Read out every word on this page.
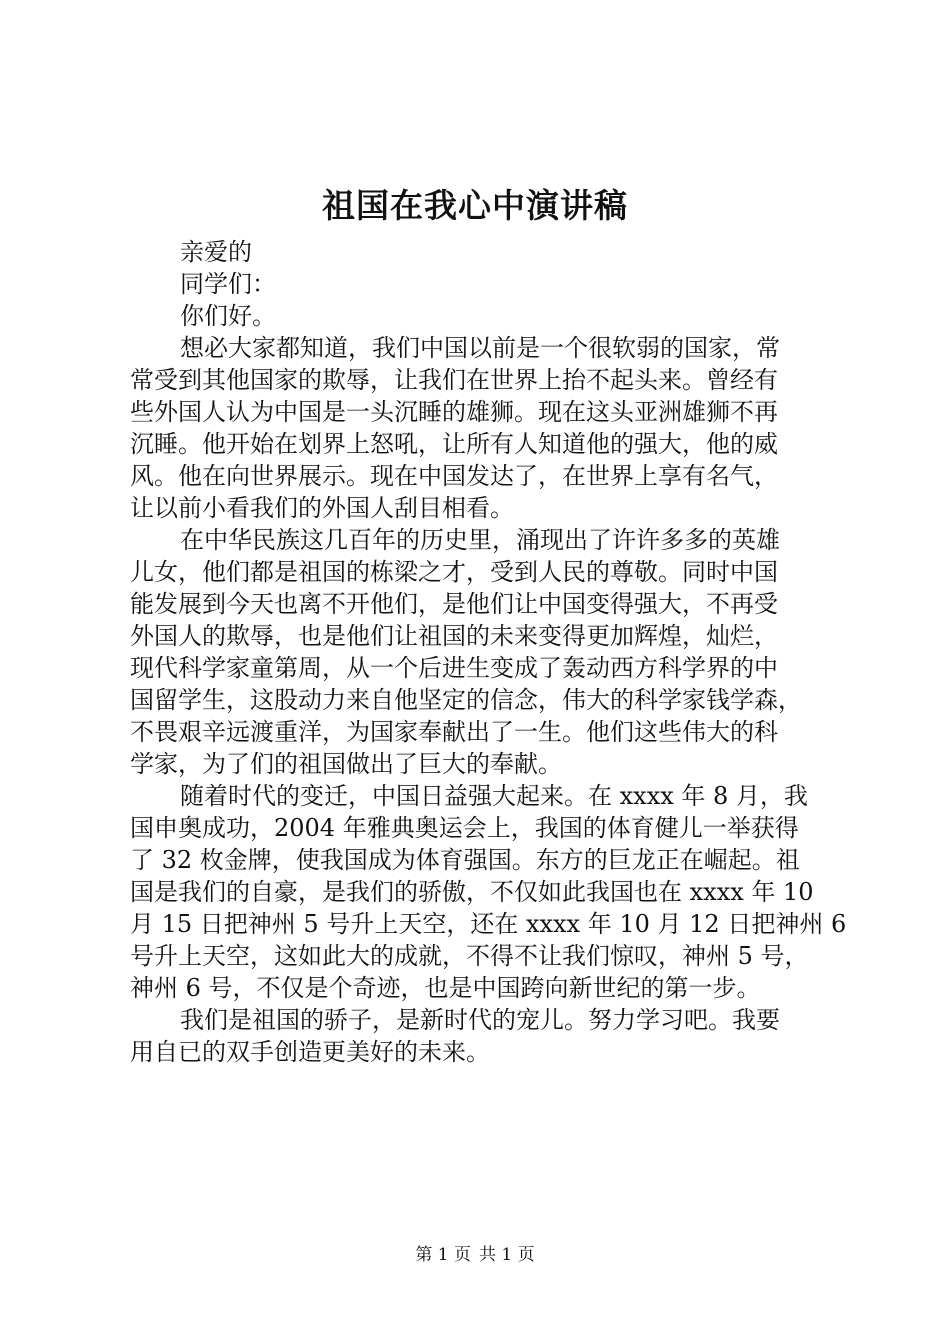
祖国在我心中演讲稿
亲爱的
同学们：
你们好。
想必大家都知道，我们中国以前是一个很软弱的国家，常
常受到其他国家的欺辱，让我们在世界上抬不起头来。曾经有
些外国人认为中国是一头沉睡的雄狮。现在这头亚洲雄狮不再
沉睡。他开始在划界上怒吼，让所有人知道他的强大，他的威
风。他在向世界展示。现在中国发达了，在世界上享有名气，
让以前小看我们的外国人刮目相看。
在中华民族这几百年的历史里，涌现出了许许多多的英雄
儿女，他们都是祖国的栋梁之才，受到人民的尊敬。同时中国
能发展到今天也离不开他们，是他们让中国变得强大，不再受
外国人的欺辱，也是他们让祖国的未来变得更加辉煌，灿烂，
现代科学家童第周，从一个后进生变成了轰动西方科学界的中
国留学生，这股动力来自他坚定的信念，伟大的科学家钱学森，
不畏艰辛远渡重洋，为国家奉献出了一生。他们这些伟大的科
学家，为了们的祖国做出了巨大的奉献。
随着时代的变迁，中国日益强大起来。在 xxxx 年 8 月，我
国申奥成功，2004 年雅典奥运会上，我国的体育健儿一举获得
了 32 枚金牌，使我国成为体育强国。东方的巨龙正在崛起。祖
国是我们的自豪，是我们的骄傲，不仅如此我国也在 xxxx 年 10
月 15 日把神州 5 号升上天空，还在 xxxx 年 10 月 12 日把神州 6
号升上天空，这如此大的成就，不得不让我们惊叹，神州 5 号，
神州 6 号，不仅是个奇迹，也是中国跨向新世纪的第一步。
我们是祖国的骄子，是新时代的宠儿。努力学习吧。我要
用自已的双手创造更美好的未来。
第 1 页 共 1 页
